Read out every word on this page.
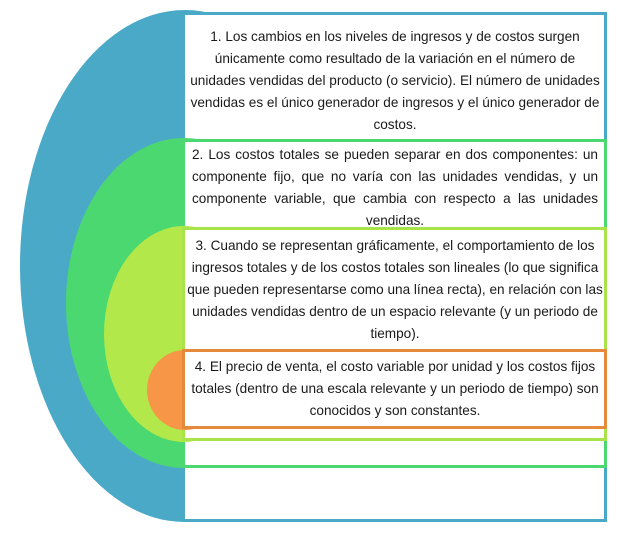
1. Los cambios en los niveles de ingresos y de costos surgen únicamente como resultado de la variación en el número de unidades vendidas del producto (o servicio). El número de unidades vendidas es el único generador de ingresos y el único generador de costos.

2. Los costos totales se pueden separar en dos componentes: un componente fijo, que no varía con las unidades vendidas, y un componente variable, que cambia con respecto a las unidades vendidas.

3. Cuando se representan gráficamente, el comportamiento de los ingresos totales y de los costos totales son lineales (lo que significa que pueden representarse como una línea recta), en relación con las unidades vendidas dentro de un espacio relevante (y un periodo de tiempo).

4. El precio de venta, el costo variable por unidad y los costos fijos totales (dentro de una escala relevante y un periodo de tiempo) son conocidos y son constantes.
